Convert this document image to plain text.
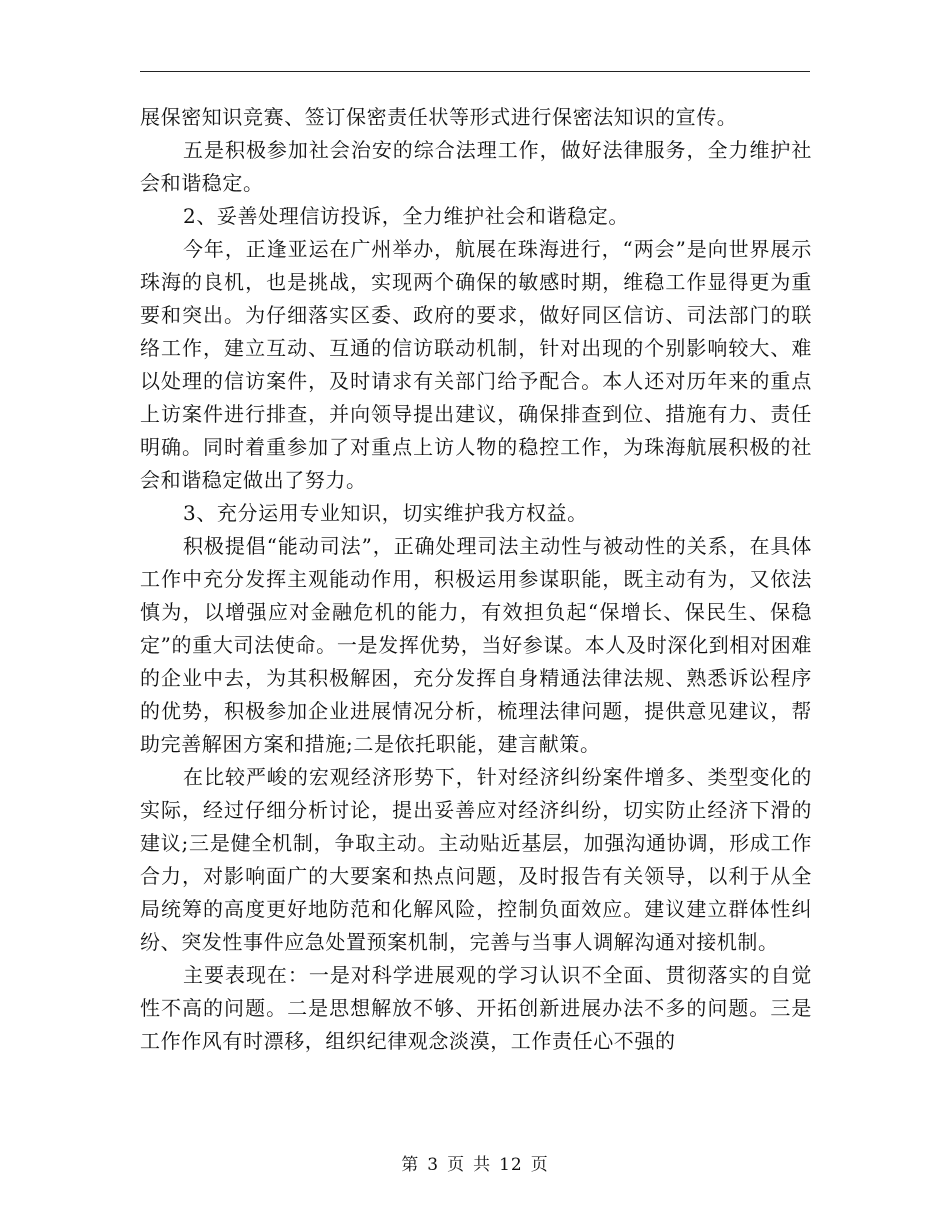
展保密知识竞赛、签订保密责任状等形式进行保密法知识的宣传。

五是积极参加社会治安的综合法理工作，做好法律服务，全力维护社会和谐稳定。

2、妥善处理信访投诉，全力维护社会和谐稳定。

今年，正逢亚运在广州举办，航展在珠海进行，“两会”是向世界展示珠海的良机，也是挑战，实现两个确保的敏感时期，维稳工作显得更为重要和突出。为仔细落实区委、政府的要求，做好同区信访、司法部门的联络工作，建立互动、互通的信访联动机制，针对出现的个别影响较大、难以处理的信访案件，及时请求有关部门给予配合。本人还对历年来的重点上访案件进行排查，并向领导提出建议，确保排查到位、措施有力、责任明确。同时着重参加了对重点上访人物的稳控工作，为珠海航展积极的社会和谐稳定做出了努力。

3、充分运用专业知识，切实维护我方权益。

积极提倡“能动司法”，正确处理司法主动性与被动性的关系，在具体工作中充分发挥主观能动作用，积极运用参谋职能，既主动有为，又依法慎为，以增强应对金融危机的能力，有效担负起“保增长、保民生、保稳定”的重大司法使命。一是发挥优势，当好参谋。本人及时深化到相对困难的企业中去，为其积极解困，充分发挥自身精通法律法规、熟悉诉讼程序的优势，积极参加企业进展情况分析，梳理法律问题，提供意见建议，帮助完善解困方案和措施;二是依托职能，建言献策。

在比较严峻的宏观经济形势下，针对经济纠纷案件增多、类型变化的实际，经过仔细分析讨论，提出妥善应对经济纠纷，切实防止经济下滑的建议;三是健全机制，争取主动。主动贴近基层，加强沟通协调，形成工作合力，对影响面广的大要案和热点问题，及时报告有关领导，以利于从全局统筹的高度更好地防范和化解风险，控制负面效应。建议建立群体性纠纷、突发性事件应急处置预案机制，完善与当事人调解沟通对接机制。

主要表现在：一是对科学进展观的学习认识不全面、贯彻落实的自觉性不高的问题。二是思想解放不够、开拓创新进展办法不多的问题。三是工作作风有时漂移，组织纪律观念淡漠，工作责任心不强的

第 3 页 共 12 页
